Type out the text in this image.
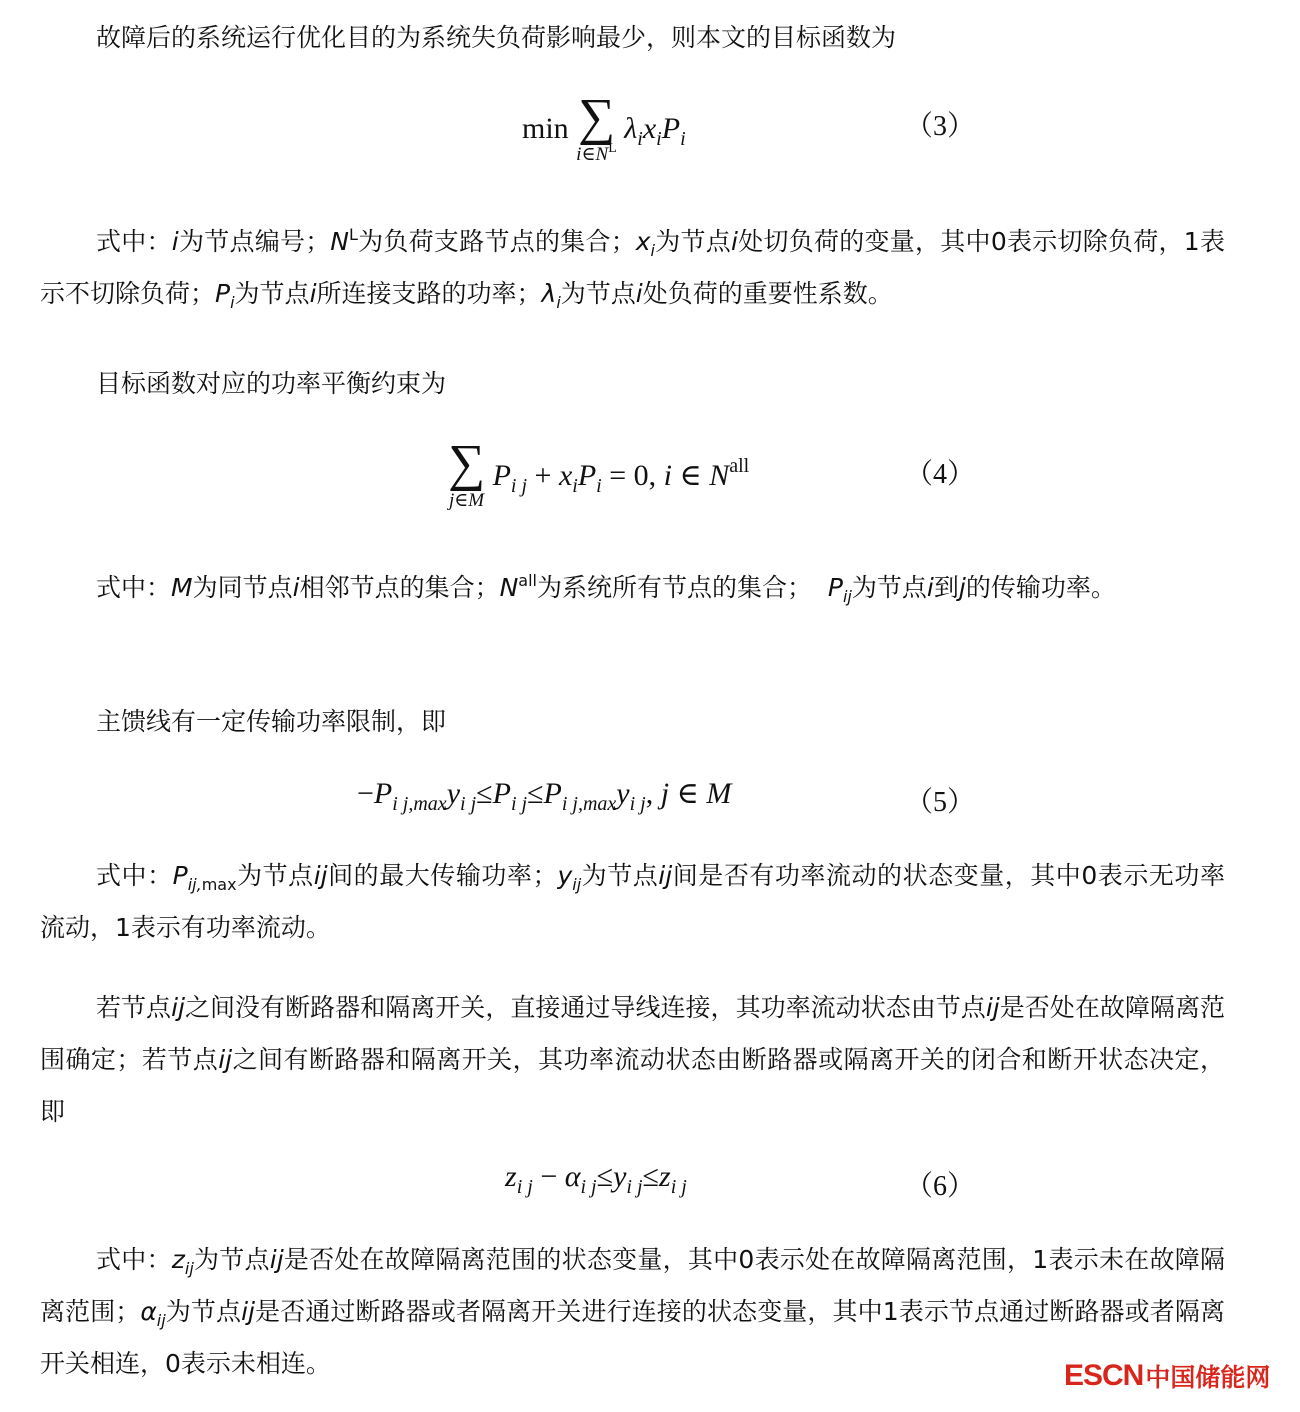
故障后的系统运行优化目的为系统失负荷影响最少，则本文的目标函数为

min ∑
$i\in N^L$
$\lambda_ix_iP_i$	（3）

式中：i为节点编号；$N^L$为负荷支路节点的集合；$x_i$为节点i处切负荷的变量，其中0表示切除负荷，1表示不切除负荷；$P_i$为节点i所连接支路的功率；$\lambda_i$为节点i处负荷的重要性系数。

目标函数对应的功率平衡约束为

∑
j∈M
$P_{i j} + x_iP_i = 0$, i ∈ $N^{all}$	（4）

式中：M为同节点i相邻节点的集合；$N^{all}$为系统所有节点的集合； $P_{ij}$为节点i到j的传输功率。

主馈线有一定传输功率限制，即

$-P_{i j,max}y_{i j}\le P_{i j}\le P_{i j,max}y_{i j}$, j ∈ M	（5）

式中：$P_{ij,max}$为节点ij间的最大传输功率；$y_{ij}$为节点ij间是否有功率流动的状态变量，其中0表示无功率流动，1表示有功率流动。

若节点ij之间没有断路器和隔离开关，直接通过导线连接，其功率流动状态由节点ij是否处在故障隔离范围确定；若节点ij之间有断路器和隔离开关，其功率流动状态由断路器或隔离开关的闭合和断开状态决定，即

$z_{i j} - \alpha_{i j}\le y_{i j}\le z_{i j}$	（6）

式中：$z_{ij}$为节点ij是否处在故障隔离范围的状态变量，其中0表示处在故障隔离范围，1表示未在故障隔离范围；$\alpha_{ij}$为节点ij是否通过断路器或者隔离开关进行连接的状态变量，其中1表示节点通过断路器或者隔离开关相连，0表示未相连。	ESCN 中国储能网
